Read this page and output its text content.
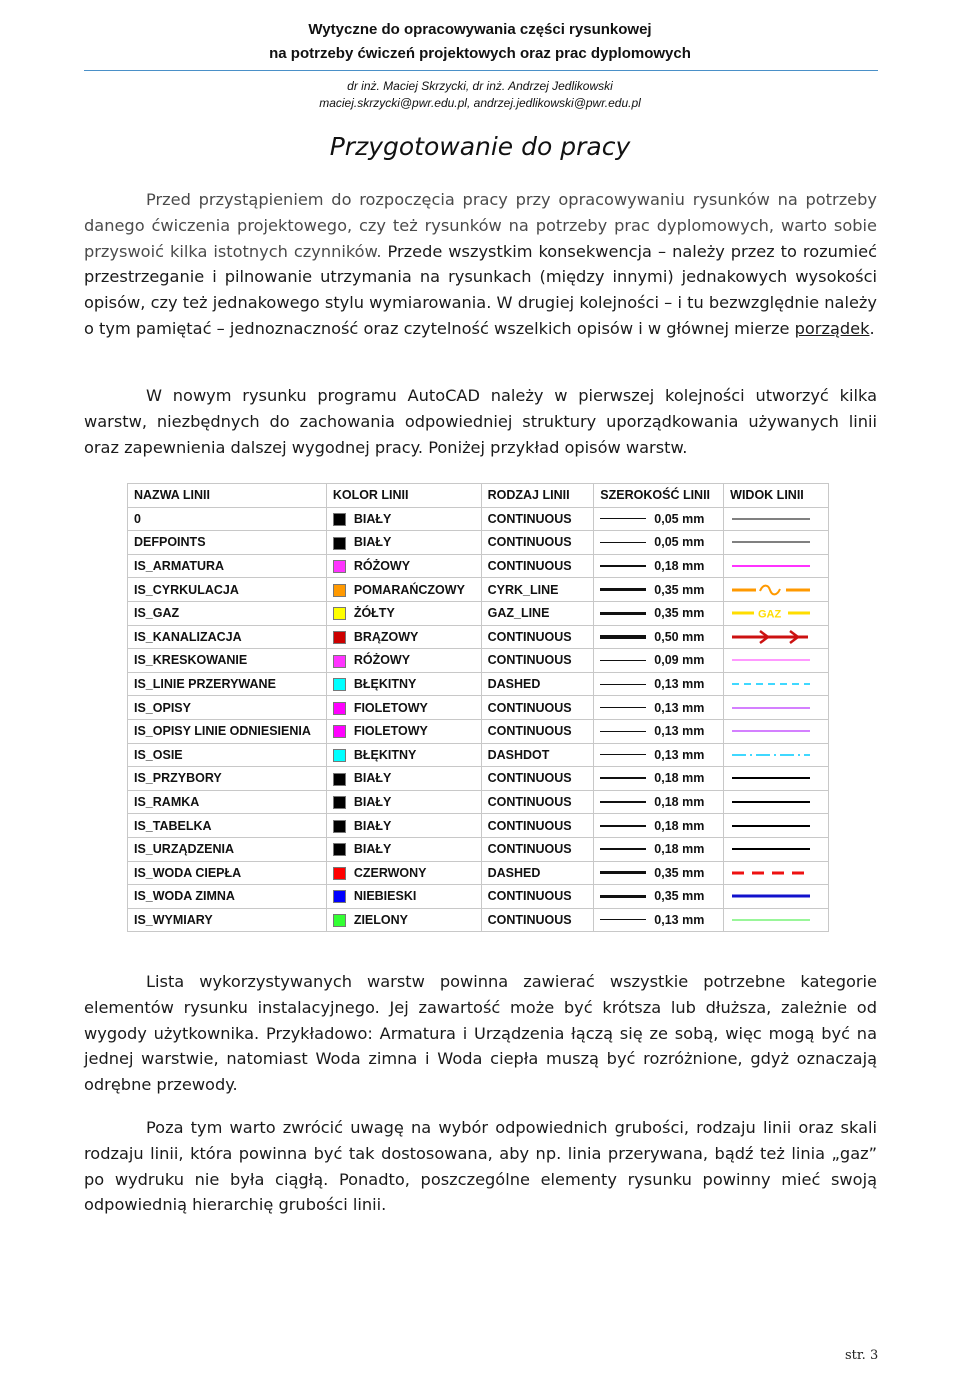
Wytyczne do opracowywania części rysunkowej
na potrzeby ćwiczeń projektowych oraz prac dyplomowych
dr inż. Maciej Skrzycki, dr inż. Andrzej Jedlikowski
maciej.skrzycki@pwr.edu.pl, andrzej.jedlikowski@pwr.edu.pl
Przygotowanie do pracy
Przed przystąpieniem do rozpoczęcia pracy przy opracowywaniu rysunków na potrzeby danego ćwiczenia projektowego, czy też rysunków na potrzeby prac dyplomowych, warto sobie przyswoić kilka istotnych czynników. Przede wszystkim konsekwencja – należy przez to rozumieć przestrzeganie i pilnowanie utrzymania na rysunkach (między innymi) jednakowych wysokości opisów, czy też jednakowego stylu wymiarowania. W drugiej kolejności – i tu bezwzględnie należy o tym pamiętać – jednoznaczność oraz czytelność wszelkich opisów i w głównej mierze porządek.
W nowym rysunku programu AutoCAD należy w pierwszej kolejności utworzyć kilka warstw, niezbędnych do zachowania odpowiedniej struktury uporządkowania używanych linii oraz zapewnienia dalszej wygodnej pracy. Poniżej przykład opisów warstw.
NAZWA LINII	KOLOR LINII	RODZAJ LINII	SZEROKOŚĆ LINII	WIDOK LINII
0	BIAŁY	CONTINUOUS	0,05 mm

DEFPOINTS	BIAŁY	CONTINUOUS	0,05 mm

IS_ARMATURA	RÓŻOWY	CONTINUOUS	0,18 mm

IS_CYRKULACJA	POMARAŃCZOWY	CYRK_LINE	0,35 mm

IS_GAZ	ŻÓŁTY	GAZ_LINE	0,35 mm	GAZ

IS_KANALIZACJA	BRĄZOWY	CONTINUOUS	0,50 mm

IS_KRESKOWANIE	RÓŻOWY	CONTINUOUS	0,09 mm

IS_LINIE PRZERYWANE	BŁĘKITNY	DASHED	0,13 mm

IS_OPISY	FIOLETOWY	CONTINUOUS	0,13 mm

IS_OPISY LINIE ODNIESIENIA	FIOLETOWY	CONTINUOUS	0,13 mm

IS_OSIE	BŁĘKITNY	DASHDOT	0,13 mm

IS_PRZYBORY	BIAŁY	CONTINUOUS	0,18 mm

IS_RAMKA	BIAŁY	CONTINUOUS	0,18 mm

IS_TABELKA	BIAŁY	CONTINUOUS	0,18 mm

IS_URZĄDZENIA	BIAŁY	CONTINUOUS	0,18 mm

IS_WODA CIEPŁA	CZERWONY	DASHED	0,35 mm

IS_WODA ZIMNA	NIEBIESKI	CONTINUOUS	0,35 mm

IS_WYMIARY	ZIELONY	CONTINUOUS	0,13 mm

Lista wykorzystywanych warstw powinna zawierać wszystkie potrzebne kategorie elementów rysunku instalacyjnego. Jej zawartość może być krótsza lub dłuższa, zależnie od wygody użytkownika. Przykładowo: Armatura i Urządzenia łączą się ze sobą, więc mogą być na jednej warstwie, natomiast Woda zimna i Woda ciepła muszą być rozróżnione, gdyż oznaczają odrębne przewody.
Poza tym warto zwrócić uwagę na wybór odpowiednich grubości, rodzaju linii oraz skali rodzaju linii, która powinna być tak dostosowana, aby np. linia przerywana, bądź też linia „gaz” po wydruku nie była ciągłą. Ponadto, poszczególne elementy rysunku powinny mieć swoją odpowiednią hierarchię grubości linii.
str. 3
